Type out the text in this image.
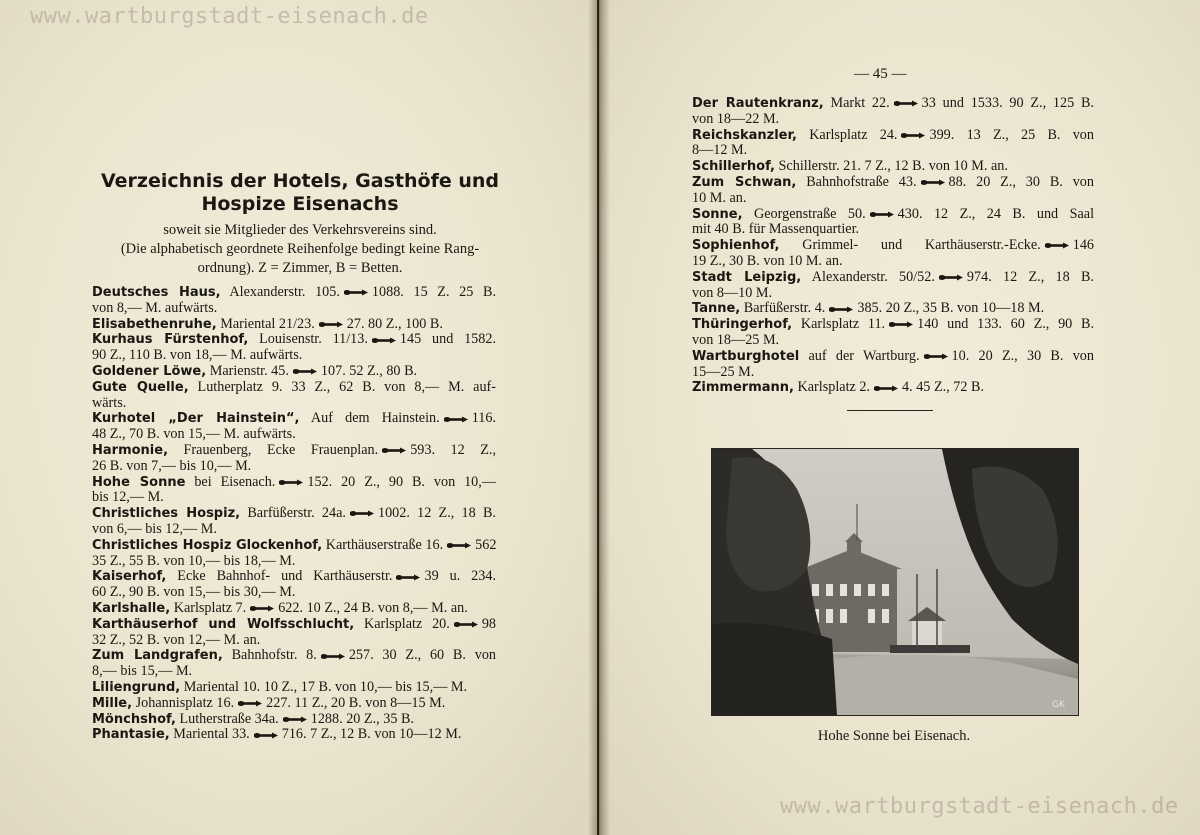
Verzeichnis der Hotels, Gasthöfe und
Hospize Eisenachs
soweit sie Mitglieder des Verkehrsvereins sind.
(Die alphabetisch geordnete Reihenfolge bedingt keine Rang-
ordnung). Z = Zimmer, B = Betten.
Deutsches Haus, Alexanderstr. 105. 1088. 15 Z. 25 B.
von 8,— M. aufwärts.
Elisabethenruhe, Mariental 21/23. 27. 80 Z., 100 B.
Kurhaus Fürstenhof, Louisenstr. 11/13. 145 und 1582.
90 Z., 110 B. von 18,— M. aufwärts.
Goldener Löwe, Marienstr. 45. 107. 52 Z., 80 B.
Gute Quelle, Lutherplatz 9. 33 Z., 62 B. von 8,— M. auf-
wärts.
Kurhotel „Der Hainstein“, Auf dem Hainstein. 116.
48 Z., 70 B. von 15,— M. aufwärts.
Harmonie, Frauenberg, Ecke Frauenplan. 593. 12 Z.,
26 B. von 7,— bis 10,— M.
Hohe Sonne bei Eisenach. 152. 20 Z., 90 B. von 10,—
bis 12,— M.
Christliches Hospiz, Barfüßerstr. 24a. 1002. 12 Z., 18 B.
von 6,— bis 12,— M.
Christliches Hospiz Glockenhof, Karthäuserstraße 16. 562
35 Z., 55 B. von 10,— bis 18,— M.
Kaiserhof, Ecke Bahnhof- und Karthäuserstr. 39 u. 234.
60 Z., 90 B. von 15,— bis 30,— M.
Karlshalle, Karlsplatz 7. 622. 10 Z., 24 B. von 8,— M. an.
Karthäuserhof und Wolfsschlucht, Karlsplatz 20. 98
32 Z., 52 B. von 12,— M. an.
Zum Landgrafen, Bahnhofstr. 8. 257. 30 Z., 60 B. von
8,— bis 15,— M.
Liliengrund, Mariental 10. 10 Z., 17 B. von 10,— bis 15,— M.
Mille, Johannisplatz 16. 227. 11 Z., 20 B. von 8—15 M.
Mönchshof, Lutherstraße 34a. 1288. 20 Z., 35 B.
Phantasie, Mariental 33. 716. 7 Z., 12 B. von 10—12 M.
— 45 —
Der Rautenkranz, Markt 22. 33 und 1533. 90 Z., 125 B.
von 18—22 M.
Reichskanzler, Karlsplatz 24. 399. 13 Z., 25 B. von
8—12 M.
Schillerhof, Schillerstr. 21. 7 Z., 12 B. von 10 M. an.
Zum Schwan, Bahnhofstraße 43. 88. 20 Z., 30 B. von
10 M. an.
Sonne, Georgenstraße 50. 430. 12 Z., 24 B. und Saal
mit 40 B. für Massenquartier.
Sophienhof, Grimmel- und Karthäuserstr.-Ecke. 146
19 Z., 30 B. von 10 M. an.
Stadt Leipzig, Alexanderstr. 50/52. 974. 12 Z., 18 B.
von 8—10 M.
Tanne, Barfüßerstr. 4. 385. 20 Z., 35 B. von 10—18 M.
Thüringerhof, Karlsplatz 11. 140 und 133. 60 Z., 90 B.
von 18—25 M.
Wartburghotel auf der Wartburg. 10. 20 Z., 30 B. von
15—25 M.
Zimmermann, Karlsplatz 2. 4. 45 Z., 72 B.
GK
Hohe Sonne bei Eisenach.
www.wartburgstadt-eisenach.de
www.wartburgstadt-eisenach.de
